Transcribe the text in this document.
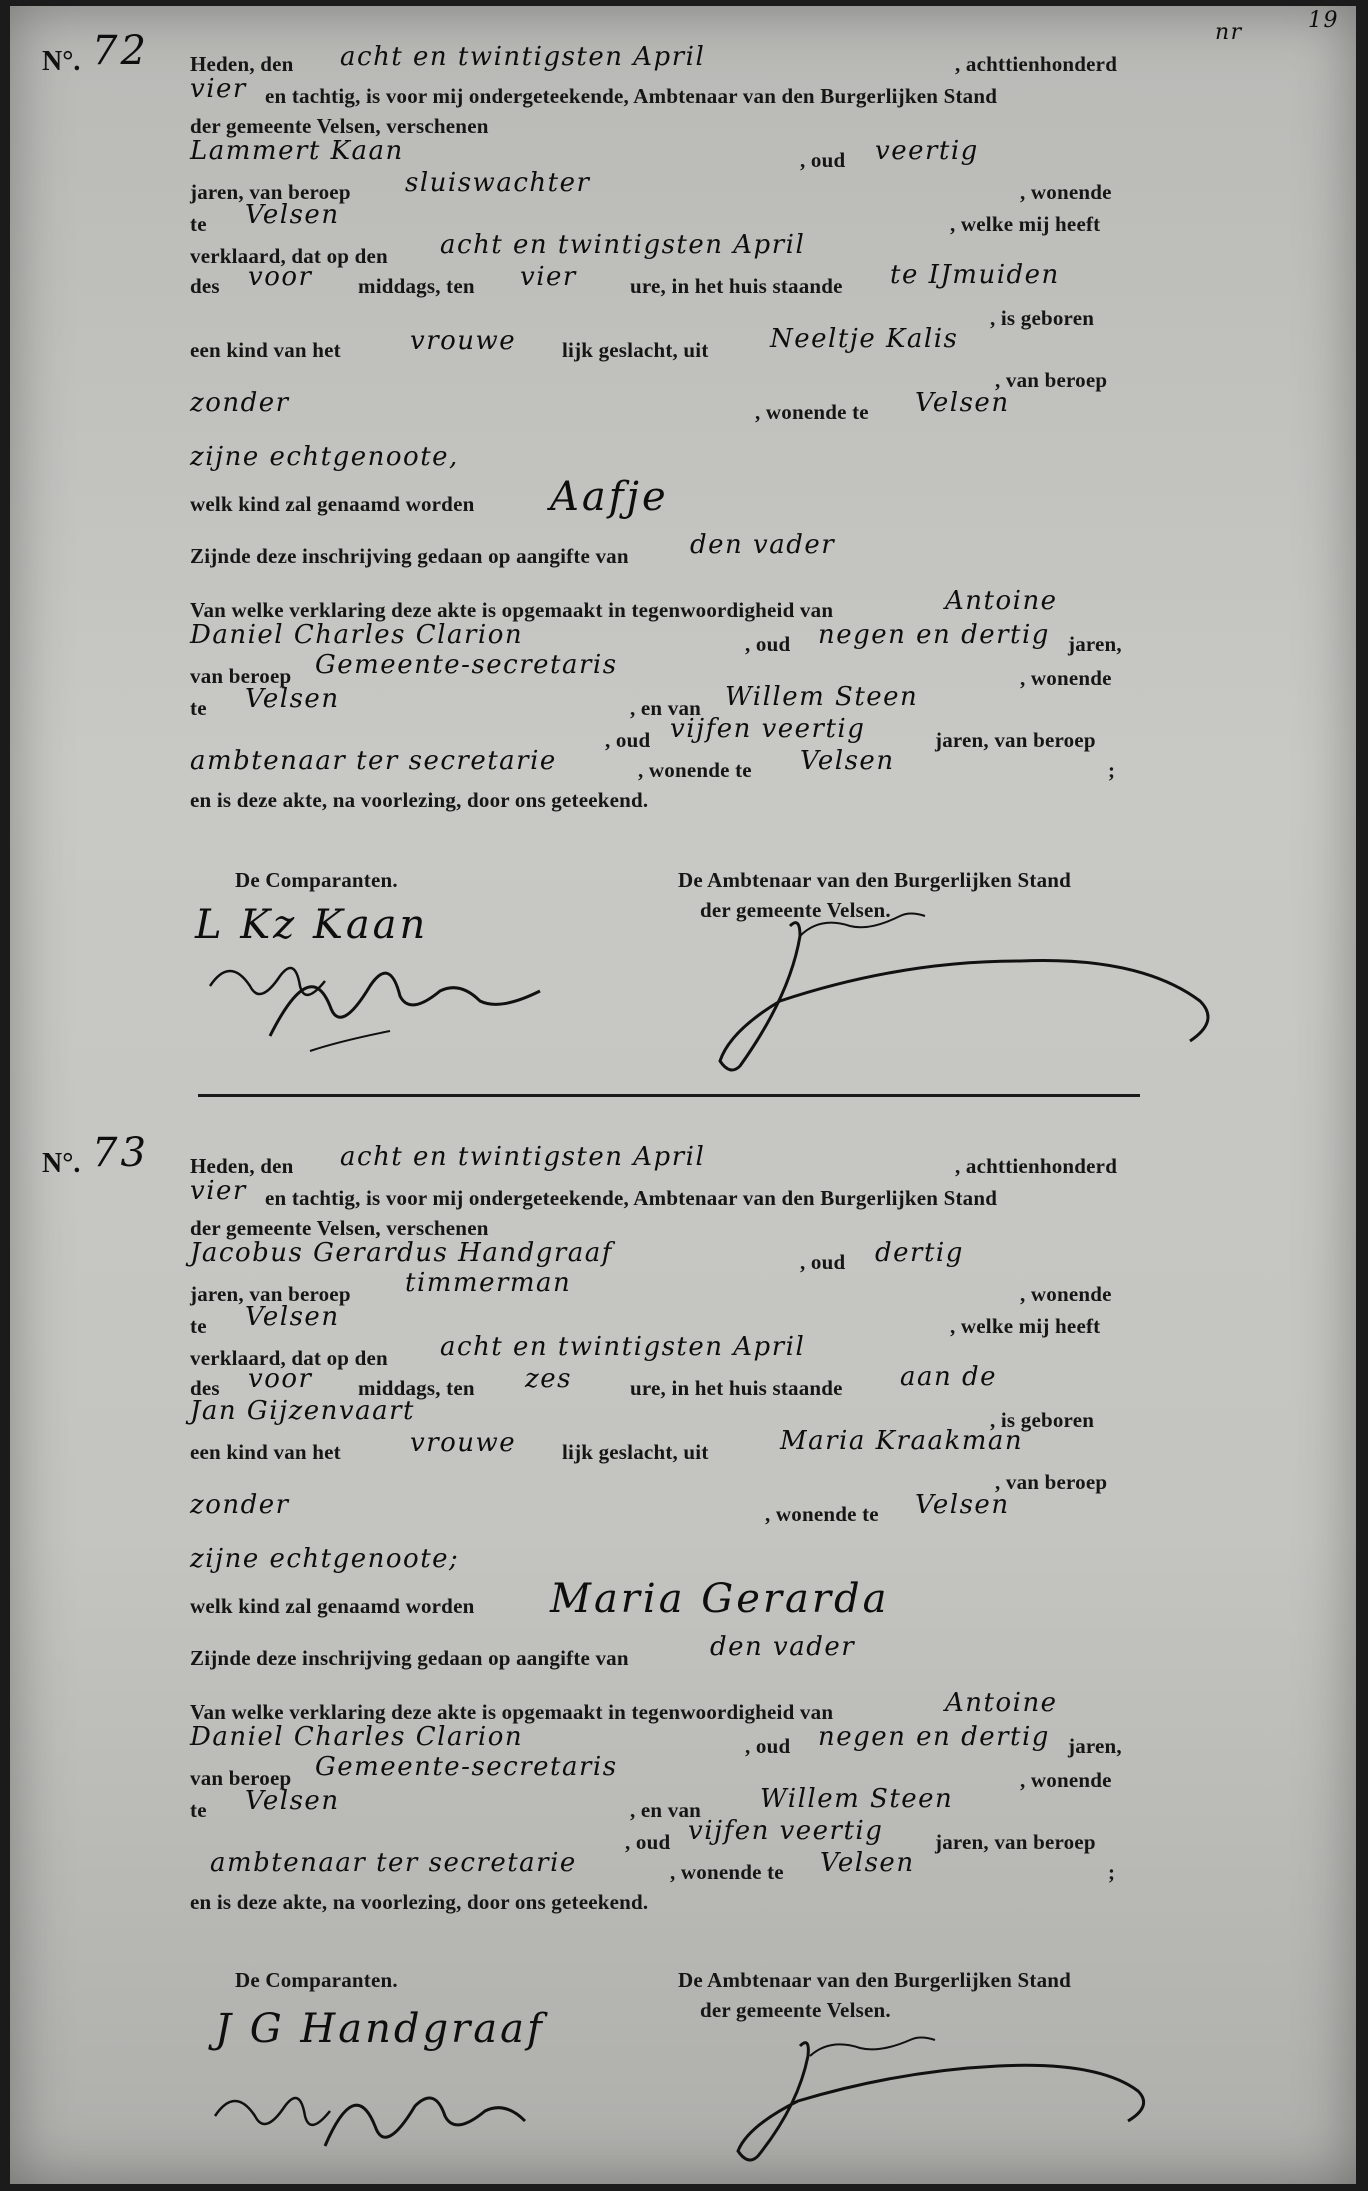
nr	19
N°. 72 Heden, den acht en twintigsten April	, achttienhonderd
vier en tachtig, is voor mij ondergeteekende, Ambtenaar van den Burgerlijken Stand
der gemeente Velsen, verschenen
Lammert Kaan	, oud veertig
jaren, van beroep sluiswachter	, wonende
te Velsen	, welke mij heeft
verklaard, dat op den acht en twintigsten April
des voor middags, ten vier	ure, in het huis staande te IJmuiden
, is geboren
een kind van het	vrouwe lijk geslacht, uit Neeltje Kalis
, van beroep
zonder	, wonende te Velsen
zijne echtgenoote,
welk kind zal genaamd worden Aafje
Zijnde deze inschrijving gedaan op aangifte van den vader
Van welke verklaring deze akte is opgemaakt in tegenwoordigheid van	Antoine
Daniel Charles Clarion	, oud negen en dertig jaren,
van beroep Gemeente-secretaris	, wonende
te Velsen	, en van Willem Steen
, oud vijfen veertig	jaren, van beroep
ambtenaar ter secretarie	, wonende te Velsen	;
en is deze akte, na voorlezing, door ons geteekend.
De Comparanten.	De Ambtenaar van den Burgerlijken Stand
der gemeente Velsen.
L Kz Kaan
N°. 73 Heden, den acht en twintigsten April	, achttienhonderd
vier en tachtig, is voor mij ondergeteekende, Ambtenaar van den Burgerlijken Stand
der gemeente Velsen, verschenen
Jacobus Gerardus Handgraaf	, oud dertig
jaren, van beroep timmerman	, wonende
te Velsen	, welke mij heeft
verklaard, dat op den acht en twintigsten April
des voor middags, ten zes	ure, in het huis staande aan de
Jan Gijzenvaart	, is geboren
een kind van het	vrouwe lijk geslacht, uit	Maria Kraakman
, van beroep
zonder	, wonende te Velsen
zijne echtgenoote;
welk kind zal genaamd worden Maria Gerarda
Zijnde deze inschrijving gedaan op aangifte van	den vader
Van welke verklaring deze akte is opgemaakt in tegenwoordigheid van	Antoine
Daniel Charles Clarion	, oud negen en dertig jaren,
van beroep Gemeente-secretaris	, wonende
te Velsen	, en van Willem Steen
, oud vijfen veertig jaren, van beroep
ambtenaar ter secretarie	, wonende te Velsen	;
en is deze akte, na voorlezing, door ons geteekend.
De Comparanten.	De Ambtenaar van den Burgerlijken Stand
der gemeente Velsen.
J G Handgraaf
